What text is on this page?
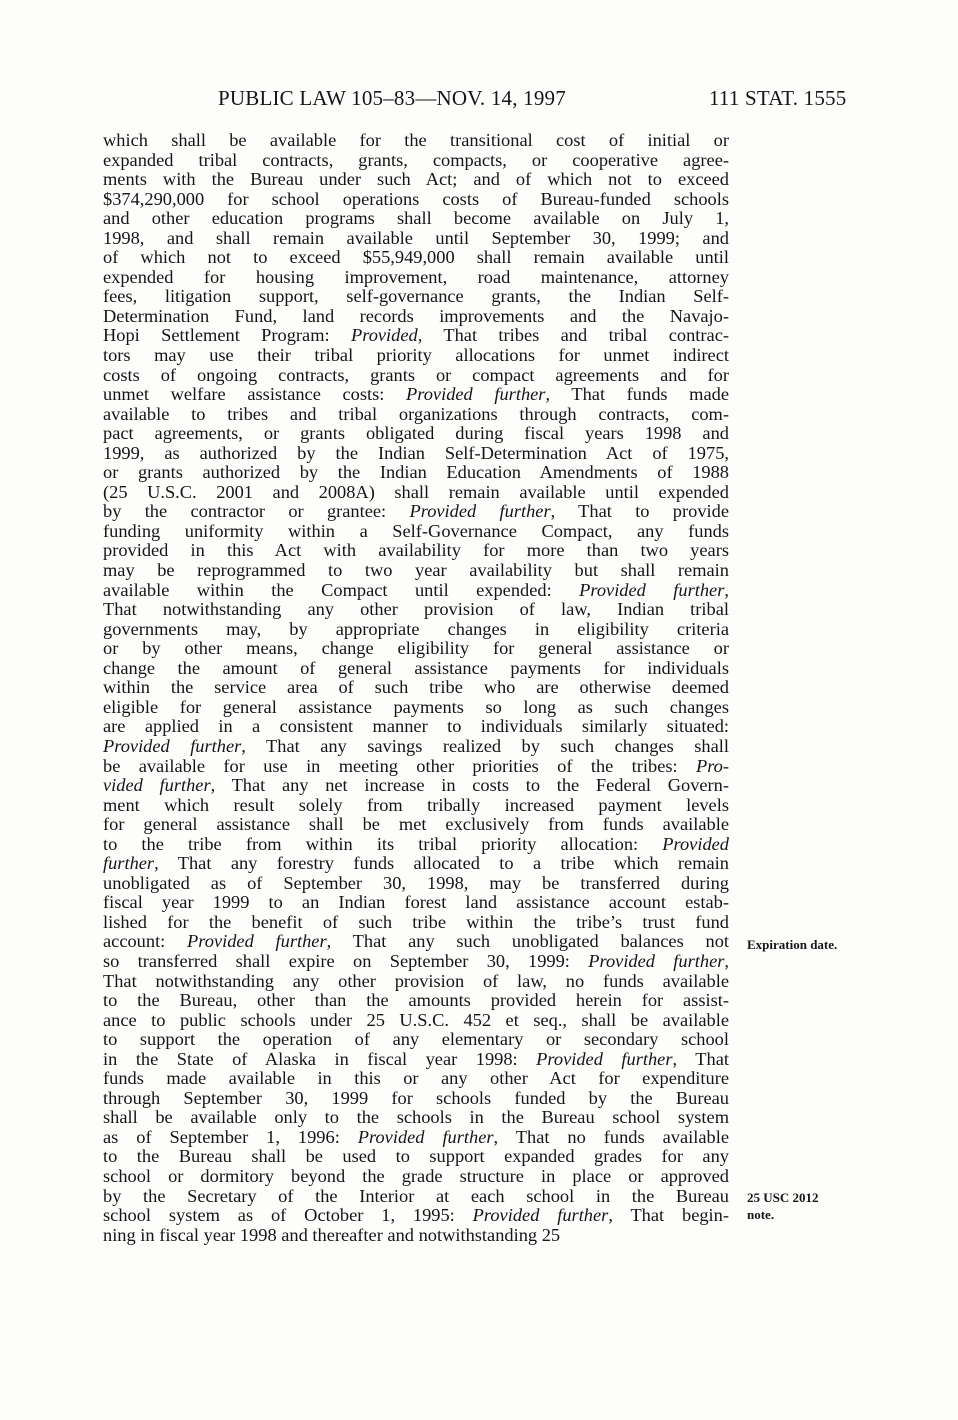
PUBLIC LAW 105–83—NOV. 14, 1997	111 STAT. 1555
which shall be available for the transitional cost of initial or
expanded tribal contracts, grants, compacts, or cooperative agree-
ments with the Bureau under such Act; and of which not to exceed
$374,290,000 for school operations costs of Bureau-funded schools
and other education programs shall become available on July 1,
1998, and shall remain available until September 30, 1999; and
of which not to exceed $55,949,000 shall remain available until
expended for housing improvement, road maintenance, attorney
fees, litigation support, self-governance grants, the Indian Self-
Determination Fund, land records improvements and the Navajo-
Hopi Settlement Program: Provided, That tribes and tribal contrac-
tors may use their tribal priority allocations for unmet indirect
costs of ongoing contracts, grants or compact agreements and for
unmet welfare assistance costs: Provided further, That funds made
available to tribes and tribal organizations through contracts, com-
pact agreements, or grants obligated during fiscal years 1998 and
1999, as authorized by the Indian Self-Determination Act of 1975,
or grants authorized by the Indian Education Amendments of 1988
(25 U.S.C. 2001 and 2008A) shall remain available until expended
by the contractor or grantee: Provided further, That to provide
funding uniformity within a Self-Governance Compact, any funds
provided in this Act with availability for more than two years
may be reprogrammed to two year availability but shall remain
available within the Compact until expended: Provided further,
That notwithstanding any other provision of law, Indian tribal
governments may, by appropriate changes in eligibility criteria
or by other means, change eligibility for general assistance or
change the amount of general assistance payments for individuals
within the service area of such tribe who are otherwise deemed
eligible for general assistance payments so long as such changes
are applied in a consistent manner to individuals similarly situated:
Provided further, That any savings realized by such changes shall
be available for use in meeting other priorities of the tribes: Pro-
vided further, That any net increase in costs to the Federal Govern-
ment which result solely from tribally increased payment levels
for general assistance shall be met exclusively from funds available
to the tribe from within its tribal priority allocation: Provided
further, That any forestry funds allocated to a tribe which remain
unobligated as of September 30, 1998, may be transferred during
fiscal year 1999 to an Indian forest land assistance account estab-
lished for the benefit of such tribe within the tribe’s trust fund
account: Provided further, That any such unobligated balances not
so transferred shall expire on September 30, 1999: Provided further,
That notwithstanding any other provision of law, no funds available
to the Bureau, other than the amounts provided herein for assist-
ance to public schools under 25 U.S.C. 452 et seq., shall be available
to support the operation of any elementary or secondary school
in the State of Alaska in fiscal year 1998: Provided further, That
funds made available in this or any other Act for expenditure
through September 30, 1999 for schools funded by the Bureau
shall be available only to the schools in the Bureau school system
as of September 1, 1996: Provided further, That no funds available
to the Bureau shall be used to support expanded grades for any
school or dormitory beyond the grade structure in place or approved
by the Secretary of the Interior at each school in the Bureau
school system as of October 1, 1995: Provided further, That begin-
ning in fiscal year 1998 and thereafter and notwithstanding 25
Expiration date.
25 USC 2012
note.
